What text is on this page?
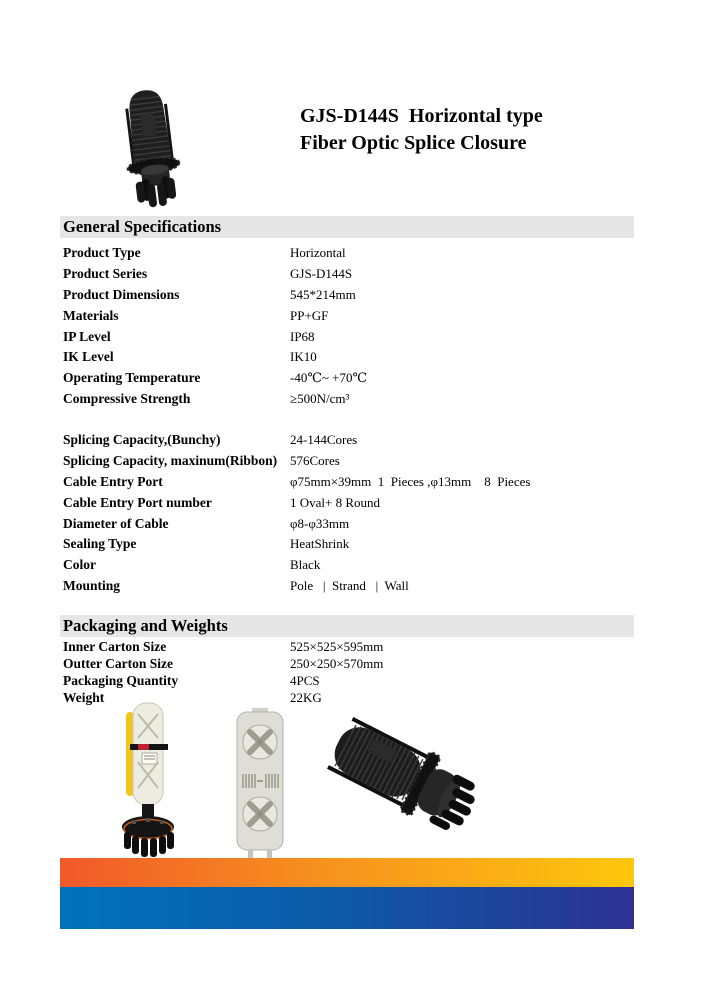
GJS-D144S  Horizontal type
Fiber Optic Splice Closure
General Specifications
Product Type	Horizontal
Product Series	GJS-D144S
Product Dimensions	545*214mm
Materials	PP+GF
IP Level	IP68
IK Level	IK10
Operating Temperature	-40℃~ +70℃
Compressive Strength	≥500N/cm³
Splicing Capacity,(Bunchy)	24-144Cores
Splicing Capacity, maxinum(Ribbon) 576Cores
Cable Entry Port	φ75mm×39mm  1  Pieces ,φ13mm    8  Pieces
Cable Entry Port number	1 Oval+ 8 Round
Diameter of Cable	φ8-φ33mm
Sealing Type	HeatShrink
Color	Black
Mounting	Pole   |  Strand   |  Wall
Packaging and Weights
Inner Carton Size	525×525×595mm
Outter Carton Size	250×250×570mm
Packaging Quantity	4PCS
Weight	22KG
